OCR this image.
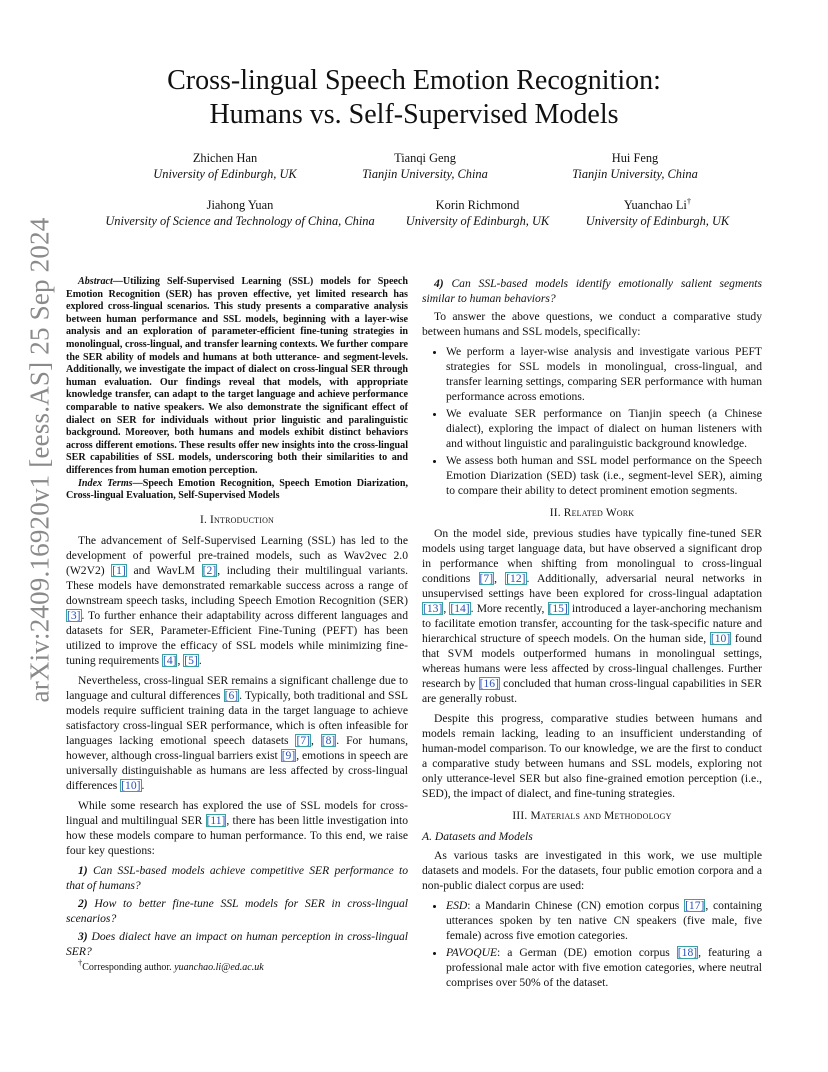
arXiv:2409.16920v1 [eess.AS] 25 Sep 2024
Cross-lingual Speech Emotion Recognition:
Humans vs. Self-Supervised Models
Zhichen Han
University of Edinburgh, UK
Tianqi Geng
Tianjin University, China
Hui Feng
Tianjin University, China
Jiahong Yuan
University of Science and Technology of China, China
Korin Richmond
University of Edinburgh, UK
Yuanchao Li†
University of Edinburgh, UK

Abstract—Utilizing Self-Supervised Learning (SSL) models for Speech Emotion Recognition (SER) has proven effective, yet limited research has explored cross-lingual scenarios. This study presents a comparative analysis between human performance and SSL models, beginning with a layer-wise analysis and an exploration of parameter-efficient fine-tuning strategies in monolingual, cross-lingual, and transfer learning contexts. We further compare the SER ability of models and humans at both utterance- and segment-levels. Additionally, we investigate the impact of dialect on cross-lingual SER through human evaluation. Our findings reveal that models, with appropriate knowledge transfer, can adapt to the target language and achieve performance comparable to native speakers. We also demonstrate the significant effect of dialect on SER for individuals without prior linguistic and paralinguistic background. Moreover, both humans and models exhibit distinct behaviors across different emotions. These results offer new insights into the cross-lingual SER capabilities of SSL models, underscoring both their similarities to and differences from human emotion perception.

Index Terms—Speech Emotion Recognition, Speech Emotion Diarization, Cross-lingual Evaluation, Self-Supervised Models

I. Introduction

The advancement of Self-Supervised Learning (SSL) has led to the development of powerful pre-trained models, such as Wav2vec 2.0 (W2V2) [1] and WavLM [2], including their multilingual variants. These models have demonstrated remarkable success across a range of downstream speech tasks, including Speech Emotion Recognition (SER) [3]. To further enhance their adaptability across different languages and datasets for SER, Parameter-Efficient Fine-Tuning (PEFT) has been utilized to improve the efficacy of SSL models while minimizing fine-tuning requirements [4], [5].

Nevertheless, cross-lingual SER remains a significant challenge due to language and cultural differences [6]. Typically, both traditional and SSL models require sufficient training data in the target language to achieve satisfactory cross-lingual SER performance, which is often infeasible for languages lacking emotional speech datasets [7], [8]. For humans, however, although cross-lingual barriers exist [9], emotions in speech are universally distinguishable as humans are less affected by cross-lingual differences [10].

While some research has explored the use of SSL models for cross-lingual and multilingual SER [11], there has been little investigation into how these models compare to human performance. To this end, we raise four key questions:

1) Can SSL-based models achieve competitive SER performance to that of humans?

2) How to better fine-tune SSL models for SER in cross-lingual scenarios?

3) Does dialect have an impact on human perception in cross-lingual SER?

4) Can SSL-based models identify emotionally salient segments similar to human behaviors?

To answer the above questions, we conduct a comparative study between humans and SSL models, specifically:

• We perform a layer-wise analysis and investigate various PEFT strategies for SSL models in monolingual, cross-lingual, and transfer learning settings, comparing SER performance with human performance across emotions.
• We evaluate SER performance on Tianjin speech (a Chinese dialect), exploring the impact of dialect on human listeners with and without linguistic and paralinguistic background knowledge.
• We assess both human and SSL model performance on the Speech Emotion Diarization (SED) task (i.e., segment-level SER), aiming to compare their ability to detect prominent emotion segments.
II. Related Work

On the model side, previous studies have typically fine-tuned SER models using target language data, but have observed a significant drop in performance when shifting from monolingual to cross-lingual conditions [7], [12]. Additionally, adversarial neural networks in unsupervised settings have been explored for cross-lingual adaptation [13], [14]. More recently, [15] introduced a layer-anchoring mechanism to facilitate emotion transfer, accounting for the task-specific nature and hierarchical structure of speech models. On the human side, [10] found that SVM models outperformed humans in monolingual settings, whereas humans were less affected by cross-lingual challenges. Further research by [16] concluded that human cross-lingual capabilities in SER are generally robust.

Despite this progress, comparative studies between humans and models remain lacking, leading to an insufficient understanding of human-model comparison. To our knowledge, we are the first to conduct a comparative study between humans and SSL models, exploring not only utterance-level SER but also fine-grained emotion perception (i.e., SED), the impact of dialect, and fine-tuning strategies.

III. Materials and Methodology
A. Datasets and Models

As various tasks are investigated in this work, we use multiple datasets and models. For the datasets, four public emotion corpora and a non-public dialect corpus are used:

• ESD: a Mandarin Chinese (CN) emotion corpus [17], containing utterances spoken by ten native CN speakers (five male, five female) across five emotion categories.
• PAVOQUE: a German (DE) emotion corpus [18], featuring a professional male actor with five emotion categories, where neutral comprises over 50% of the dataset.
†Corresponding author. yuanchao.li@ed.ac.uk
